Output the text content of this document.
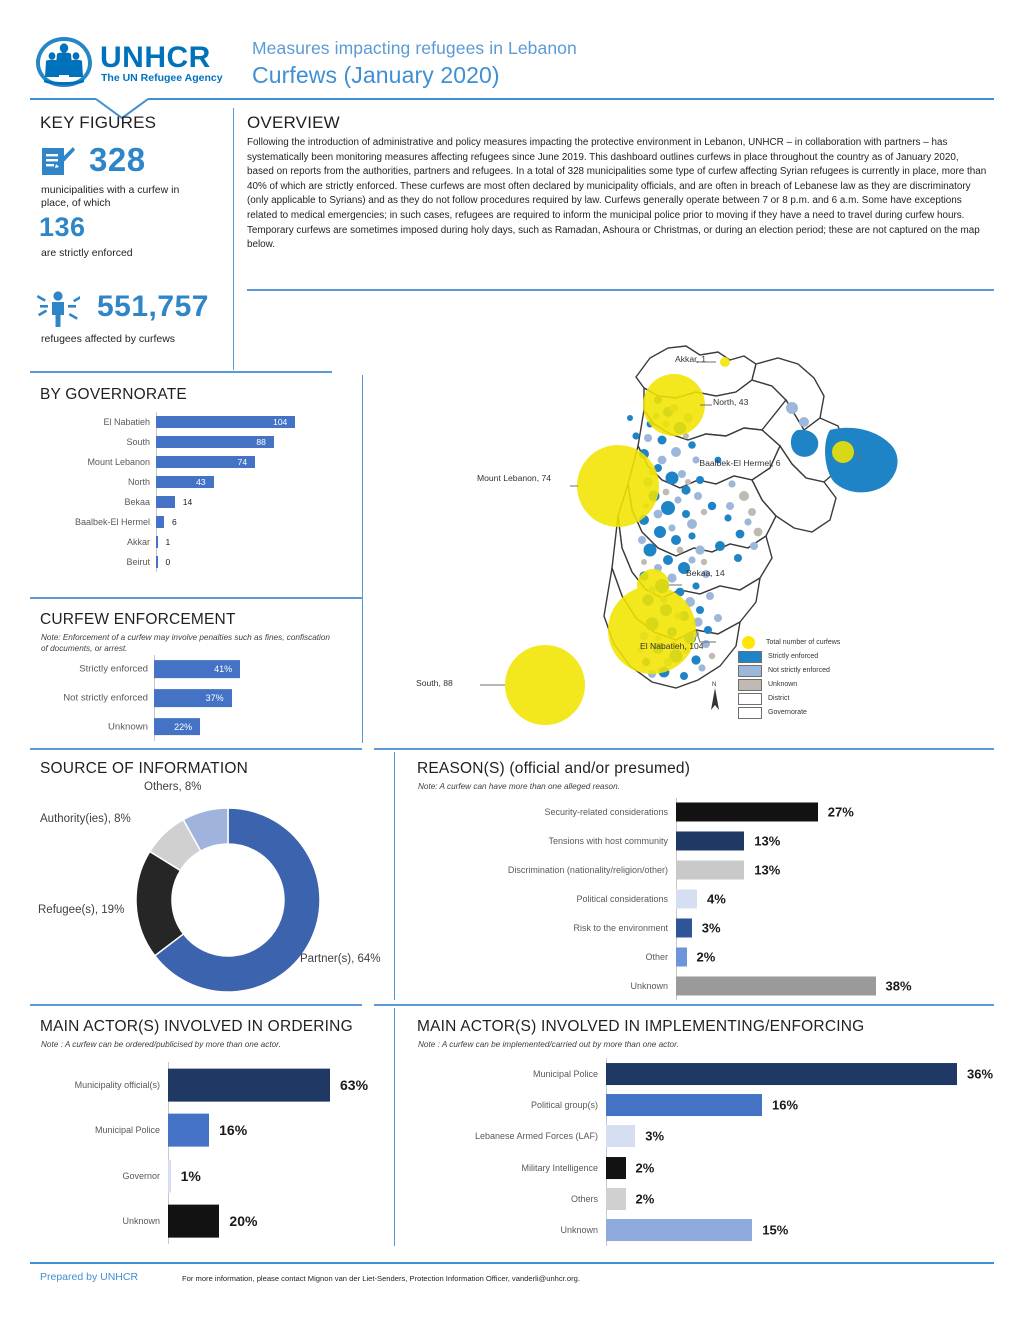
UNHCR
The UN Refugee Agency
Measures impacting refugees in Lebanon
Curfews (January 2020)
KEY FIGURES
328
municipalities with a curfew in place, of which
136
are strictly enforced
551,757
refugees affected by curfews
OVERVIEW
Following the introduction of administrative and policy measures impacting the protective environment in Lebanon, UNHCR – in collaboration with partners – has systematically been monitoring measures affecting refugees since June 2019. This dashboard outlines curfews in place throughout the country as of January 2020, based on reports from the authorities, partners and refugees. In a total of 328 municipalities some type of curfew affecting Syrian refugees is currently in place, more than 40% of which are strictly enforced. These curfews are most often declared by municipality officials, and are often in breach of Lebanese law as they are discriminatory (only applicable to Syrians) and as they do not follow procedures required by law. Curfews generally operate between 7 or 8 p.m. and 6 a.m. Some have exceptions related to medical emergencies; in such cases, refugees are required to inform the municipal police prior to moving if they have a need to travel during curfew hours. Temporary curfews are sometimes imposed during holy days, such as Ramadan, Ashoura or Christmas, or during an election period; these are not captured on the map below.
BY GOVERNORATE
El Nabatieh	104
South	88
Mount Lebanon	74
North	43
Bekaa	14
Baalbek-El Hermel	6
Akkar 1
Beirut 0
CURFEW ENFORCEMENT
Note: Enforcement of a curfew may involve penalties such as fines, confiscation of documents, or arrest.
Strictly enforced	41%
Not strictly enforced	37%
Unknown	22%
Akkar, 1
North, 43
Baalbek-El Hermel, 6
Mount Lebanon, 74
Bekaa, 14
El Nabatieh, 104
South, 88
Total number of curfews
Strictly enforced
Not strictly enforced
Unknown
District
Governorate
N
SOURCE OF INFORMATION
Others, 8%
Authority(ies), 8%
Refugee(s), 19%
Partner(s), 64%
REASON(S) (official and/or presumed)
Note: A curfew can have more than one alleged reason.
Security-related considerations	27%
Tensions with host community	13%
Discrimination (nationality/religion/other)	13%
Political considerations	4%
Risk to the environment	3%
Other 2%
Unknown	38%
MAIN ACTOR(S) INVOLVED IN ORDERING
Note : A curfew can be ordered/publicised by more than one actor.
Municipality official(s)	63%
Municipal Police	16%
Governor 1%
Unknown	20%
MAIN ACTOR(S) INVOLVED IN IMPLEMENTING/ENFORCING
Note : A curfew can be implemented/carried out by more than one actor.
Municipal Police	36%
Political group(s)	16%
Lebanese Armed Forces (LAF)	3%
Military Intelligence	2%
Others	2%
Unknown	15%
Prepared by UNHCR	For more information, please contact Mignon van der Liet-Senders, Protection Information Officer, vanderli@unhcr.org.
